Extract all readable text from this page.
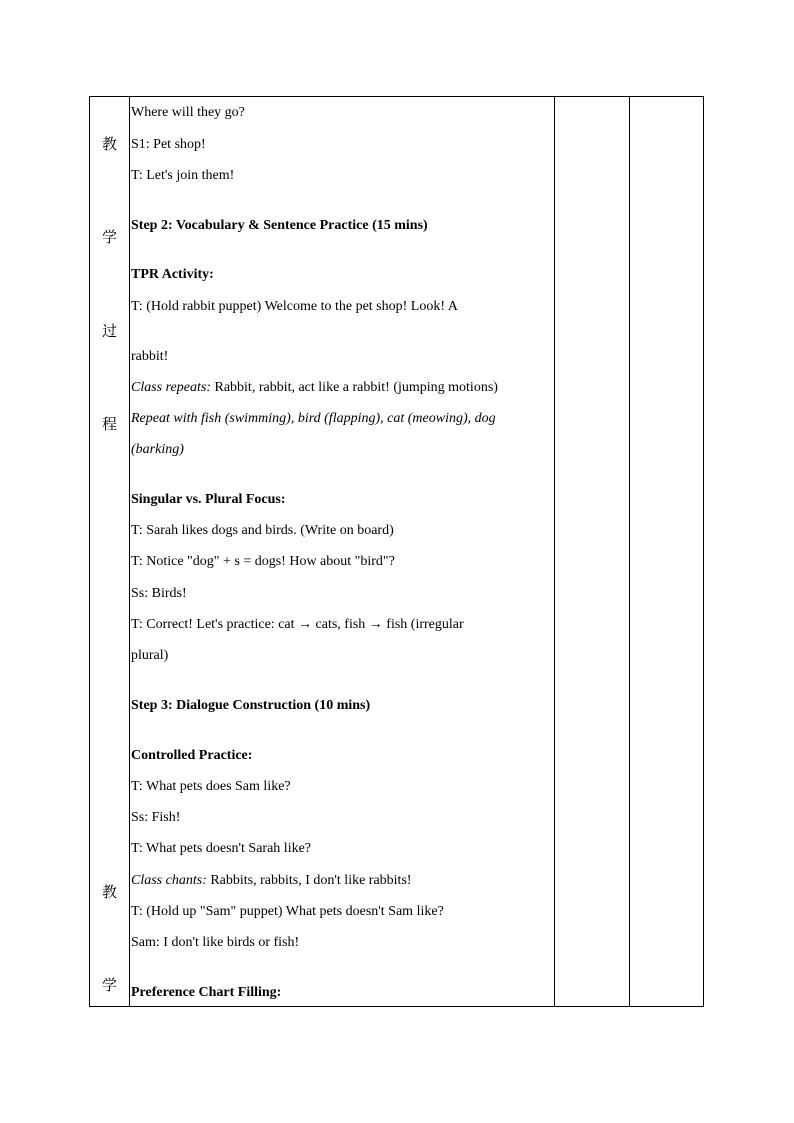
教
学
过
程
教
学
Where will they go?
S1: Pet shop!
T: Let's join them!
Step 2: Vocabulary & Sentence Practice (15 mins)
TPR Activity:
T: (Hold rabbit puppet) Welcome to the pet shop! Look! A
rabbit!
Class repeats: Rabbit, rabbit, act like a rabbit! (jumping motions)
Repeat with fish (swimming), bird (flapping), cat (meowing), dog
(barking)
Singular vs. Plural Focus:
T: Sarah likes dogs and birds. (Write on board)
T: Notice "dog" + s = dogs! How about "bird"?
Ss: Birds!
T: Correct! Let's practice: cat → cats, fish → fish (irregular
plural)
Step 3: Dialogue Construction (10 mins)
Controlled Practice:
T: What pets does Sam like?
Ss: Fish!
T: What pets doesn't Sarah like?
Class chants: Rabbits, rabbits, I don't like rabbits!
T: (Hold up "Sam" puppet) What pets doesn't Sam like?
Sam: I don't like birds or fish!
Preference Chart Filling:
